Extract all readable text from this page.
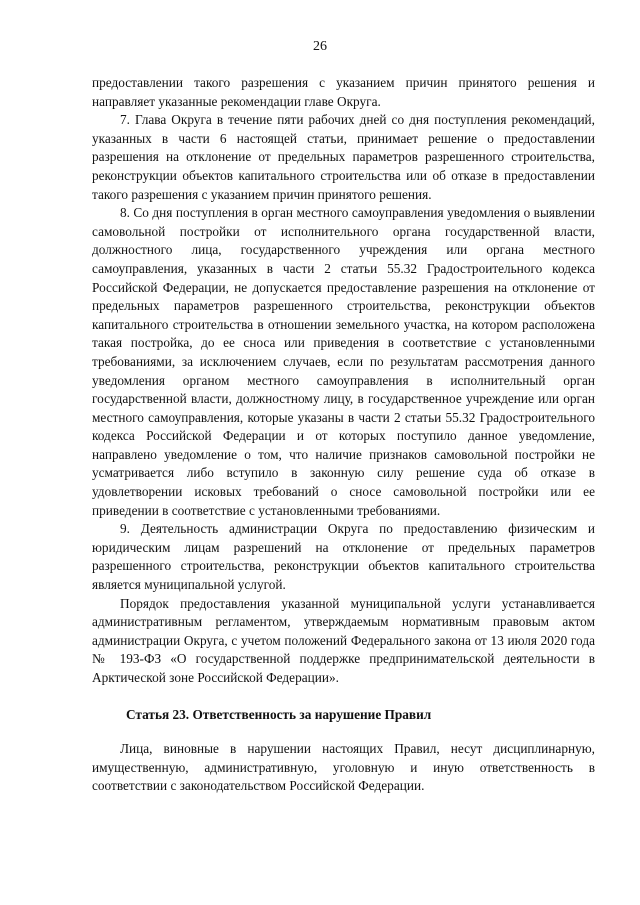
26

предоставлении такого разрешения с указанием причин принятого решения и направляет указанные рекомендации главе Округа.

7. Глава Округа в течение пяти рабочих дней со дня поступления рекомендаций, указанных в части 6 настоящей статьи, принимает решение о предоставлении разрешения на отклонение от предельных параметров разрешенного строительства, реконструкции объектов капитального строительства или об отказе в предоставлении такого разрешения с указанием причин принятого решения.

8. Со дня поступления в орган местного самоуправления уведомления о выявлении самовольной постройки от исполнительного органа государственной власти, должностного лица, государственного учреждения или органа местного самоуправления, указанных в части 2 статьи 55.32 Градостроительного кодекса Российской Федерации, не допускается предоставление разрешения на отклонение от предельных параметров разрешенного строительства, реконструкции объектов капитального строительства в отношении земельного участка, на котором расположена такая постройка, до ее сноса или приведения в соответствие с установленными требованиями, за исключением случаев, если по результатам рассмотрения данного уведомления органом местного самоуправления в исполнительный орган государственной власти, должностному лицу, в государственное учреждение или орган местного самоуправления, которые указаны в части 2 статьи 55.32 Градостроительного кодекса Российской Федерации и от которых поступило данное уведомление, направлено уведомление о том, что наличие признаков самовольной постройки не усматривается либо вступило в законную силу решение суда об отказе в удовлетворении исковых требований о сносе самовольной постройки или ее приведении в соответствие с установленными требованиями.

9. Деятельность администрации Округа по предоставлению физическим и юридическим лицам разрешений на отклонение от предельных параметров разрешенного строительства, реконструкции объектов капитального строительства является муниципальной услугой.

Порядок предоставления указанной муниципальной услуги устанавливается административным регламентом, утверждаемым нормативным правовым актом администрации Округа, с учетом положений Федерального закона от 13 июля 2020 года № 193-ФЗ «О государственной поддержке предпринимательской деятельности в Арктической зоне Российской Федерации».

Статья 23. Ответственность за нарушение Правил

Лица, виновные в нарушении настоящих Правил, несут дисциплинарную, имущественную, административную, уголовную и иную ответственность в соответствии с законодательством Российской Федерации.
